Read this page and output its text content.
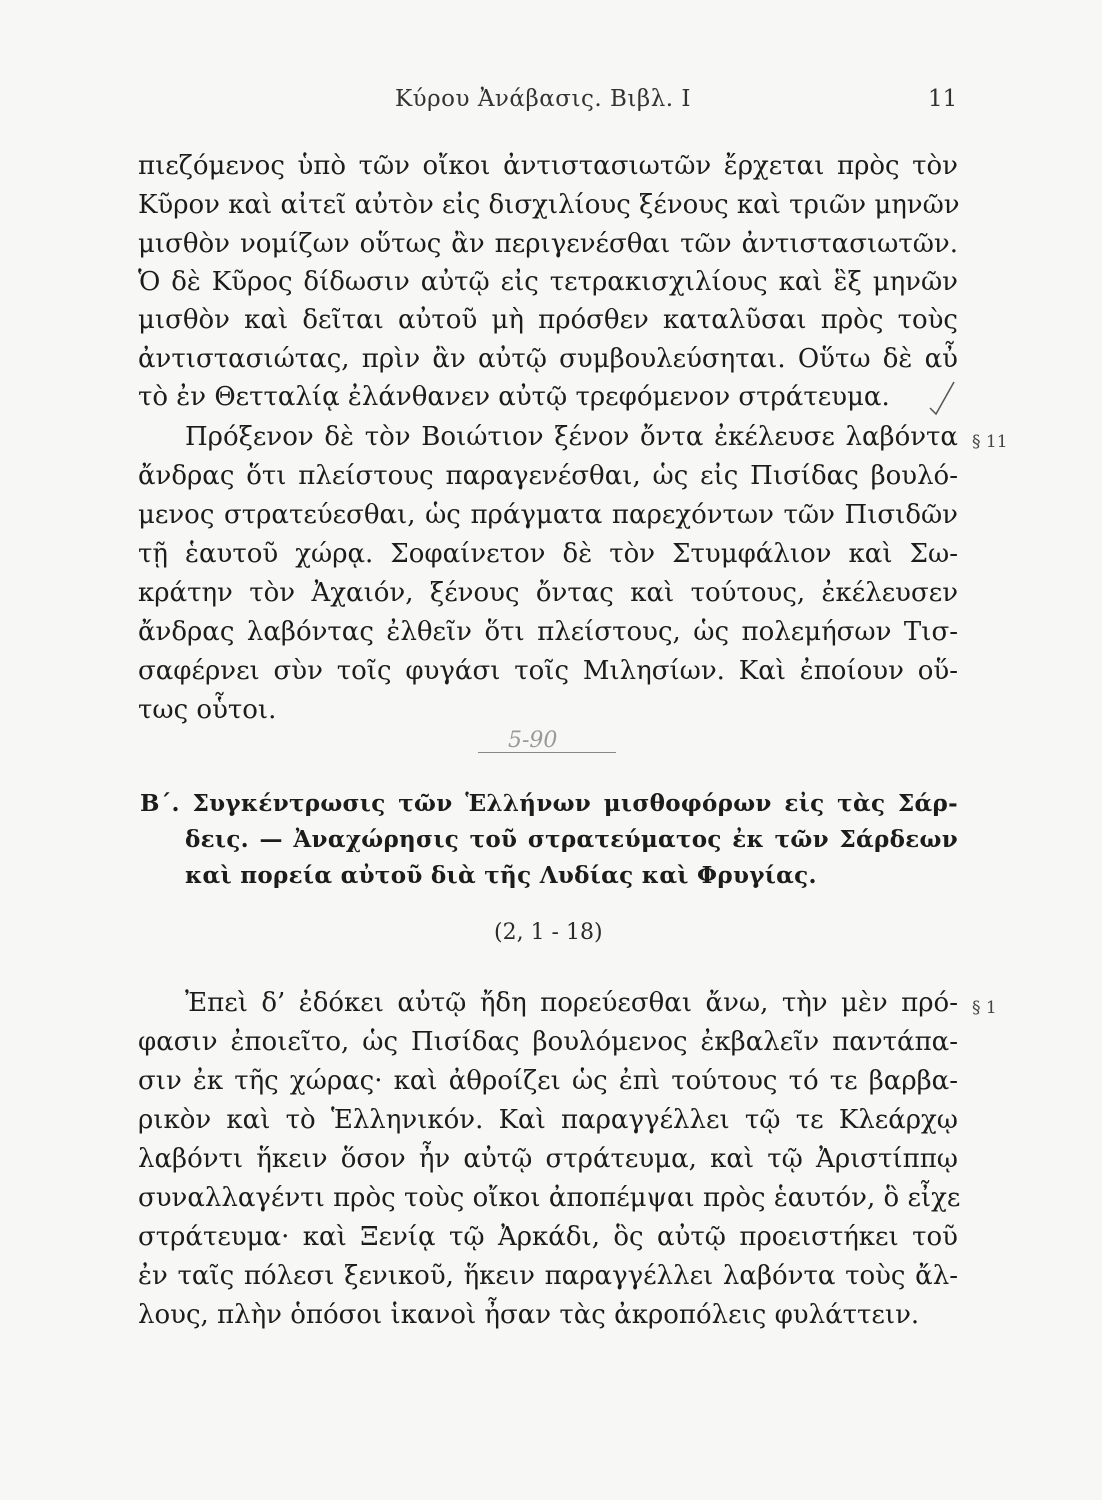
Κύρου Ἀνάβασις. Βιβλ. Ι	11
πιεζόμενος ὑπὸ τῶν οἴκοι ἀντιστασιωτῶν ἔρχεται πρὸς τὸν
Κῦρον καὶ αἰτεῖ αὐτὸν εἰς δισχιλίους ξένους καὶ τριῶν μηνῶν
μισθὸν νομίζων οὕτως ἂν περιγενέσθαι τῶν ἀντιστασιωτῶν.
Ὁ δὲ Κῦρος δίδωσιν αὐτῷ εἰς τετρακισχιλίους καὶ ἓξ μηνῶν
μισθὸν καὶ δεῖται αὐτοῦ μὴ πρόσθεν καταλῦσαι πρὸς τοὺς
ἀντιστασιώτας, πρὶν ἂν αὐτῷ συμβουλεύσηται. Οὕτω δὲ αὖ
τὸ ἐν Θετταλίᾳ ἐλάνθανεν αὐτῷ τρεφόμενον στράτευμα.
§ 11
Πρόξενον δὲ τὸν Βοιώτιον ξένον ὄντα ἐκέλευσε λαβόντα
ἄνδρας ὅτι πλείστους παραγενέσθαι, ὡς εἰς Πισίδας βουλό-
μενος στρατεύεσθαι, ὡς πράγματα παρεχόντων τῶν Πισιδῶν
τῇ ἑαυτοῦ χώρᾳ. Σοφαίνετον δὲ τὸν Στυμφάλιον καὶ Σω-
κράτην τὸν Ἀχαιόν, ξένους ὄντας καὶ τούτους, ἐκέλευσεν
ἄνδρας λαβόντας ἐλθεῖν ὅτι πλείστους, ὡς πολεμήσων Τισ-
σαφέρνει σὺν τοῖς φυγάσι τοῖς Μιλησίων. Καὶ ἐποίουν οὕ-
τως οὗτοι.
5-90
Β΄. Συγκέντρωσις τῶν Ἑλλήνων μισθοφόρων εἰς τὰς Σάρ-
δεις. — Ἀναχώρησις τοῦ στρατεύματος ἐκ τῶν Σάρδεων
καὶ πορεία αὐτοῦ διὰ τῆς Λυδίας καὶ Φρυγίας.
(2, 1 - 18)
§ 1
Ἐπεὶ δ’ ἐδόκει αὐτῷ ἤδη πορεύεσθαι ἄνω, τὴν μὲν πρό-
φασιν ἐποιεῖτο, ὡς Πισίδας βουλόμενος ἐκβαλεῖν παντάπα-
σιν ἐκ τῆς χώρας· καὶ ἀθροίζει ὡς ἐπὶ τούτους τό τε βαρβα-
ρικὸν καὶ τὸ Ἑλληνικόν. Καὶ παραγγέλλει τῷ τε Κλεάρχῳ
λαβόντι ἥκειν ὅσον ἦν αὐτῷ στράτευμα, καὶ τῷ Ἀριστίππῳ
συναλλαγέντι πρὸς τοὺς οἴκοι ἀποπέμψαι πρὸς ἑαυτόν, ὃ εἶχε
στράτευμα· καὶ Ξενίᾳ τῷ Ἀρκάδι, ὃς αὐτῷ προειστήκει τοῦ
ἐν ταῖς πόλεσι ξενικοῦ, ἥκειν παραγγέλλει λαβόντα τοὺς ἄλ-
λους, πλὴν ὁπόσοι ἱκανοὶ ἦσαν τὰς ἀκροπόλεις φυλάττειν.
